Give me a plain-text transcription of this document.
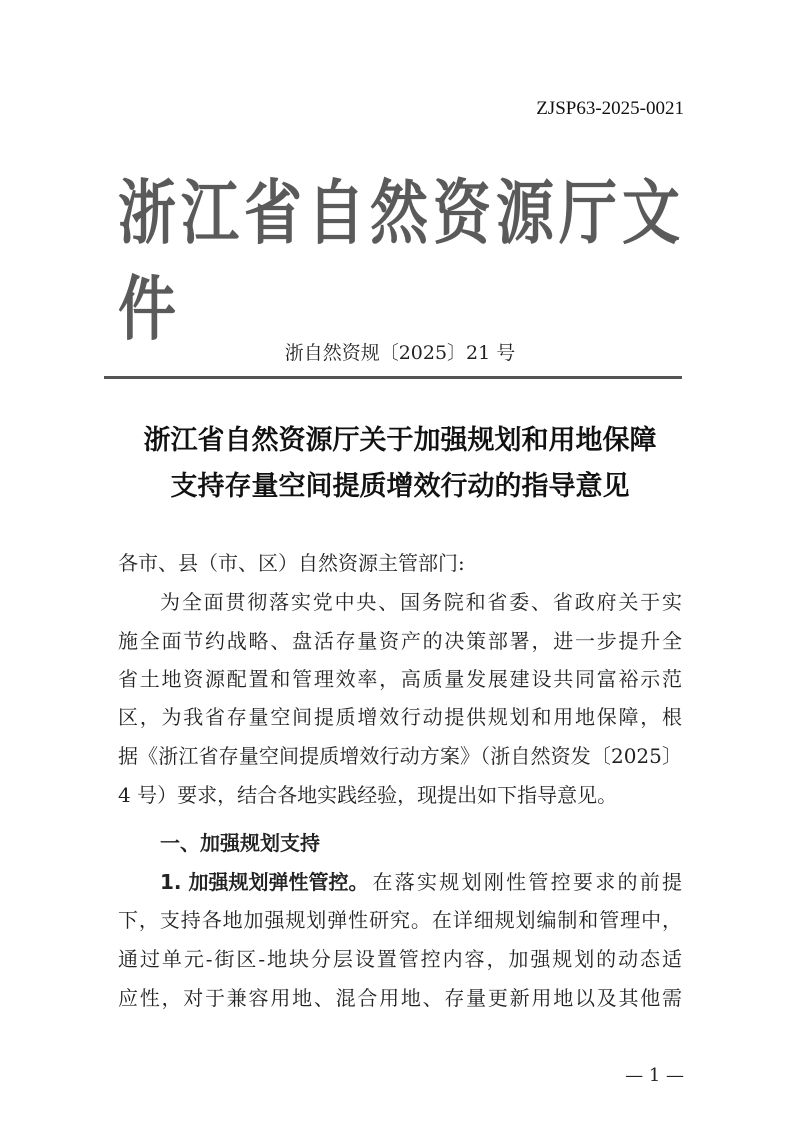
ZJSP63-2025-0021
浙江省自然资源厅文件
浙自然资规〔2025〕21 号
浙江省自然资源厅关于加强规划和用地保障
支持存量空间提质增效行动的指导意见
各市、县（市、区）自然资源主管部门:
为全面贯彻落实党中央、国务院和省委、省政府关于实
施全面节约战略、盘活存量资产的决策部署，进一步提升全
省土地资源配置和管理效率，高质量发展建设共同富裕示范
区，为我省存量空间提质增效行动提供规划和用地保障，根
据《浙江省存量空间提质增效行动方案》（浙自然资发〔2025〕
4 号）要求，结合各地实践经验，现提出如下指导意见。
一、加强规划支持
1. 加强规划弹性管控。 在落实规划刚性管控要求的前提
下，支持各地加强规划弹性研究。在详细规划编制和管理中，
通过单元-街区-地块分层设置管控内容，加强规划的动态适
应性，对于兼容用地、混合用地、存量更新用地以及其他需
— 1 —
